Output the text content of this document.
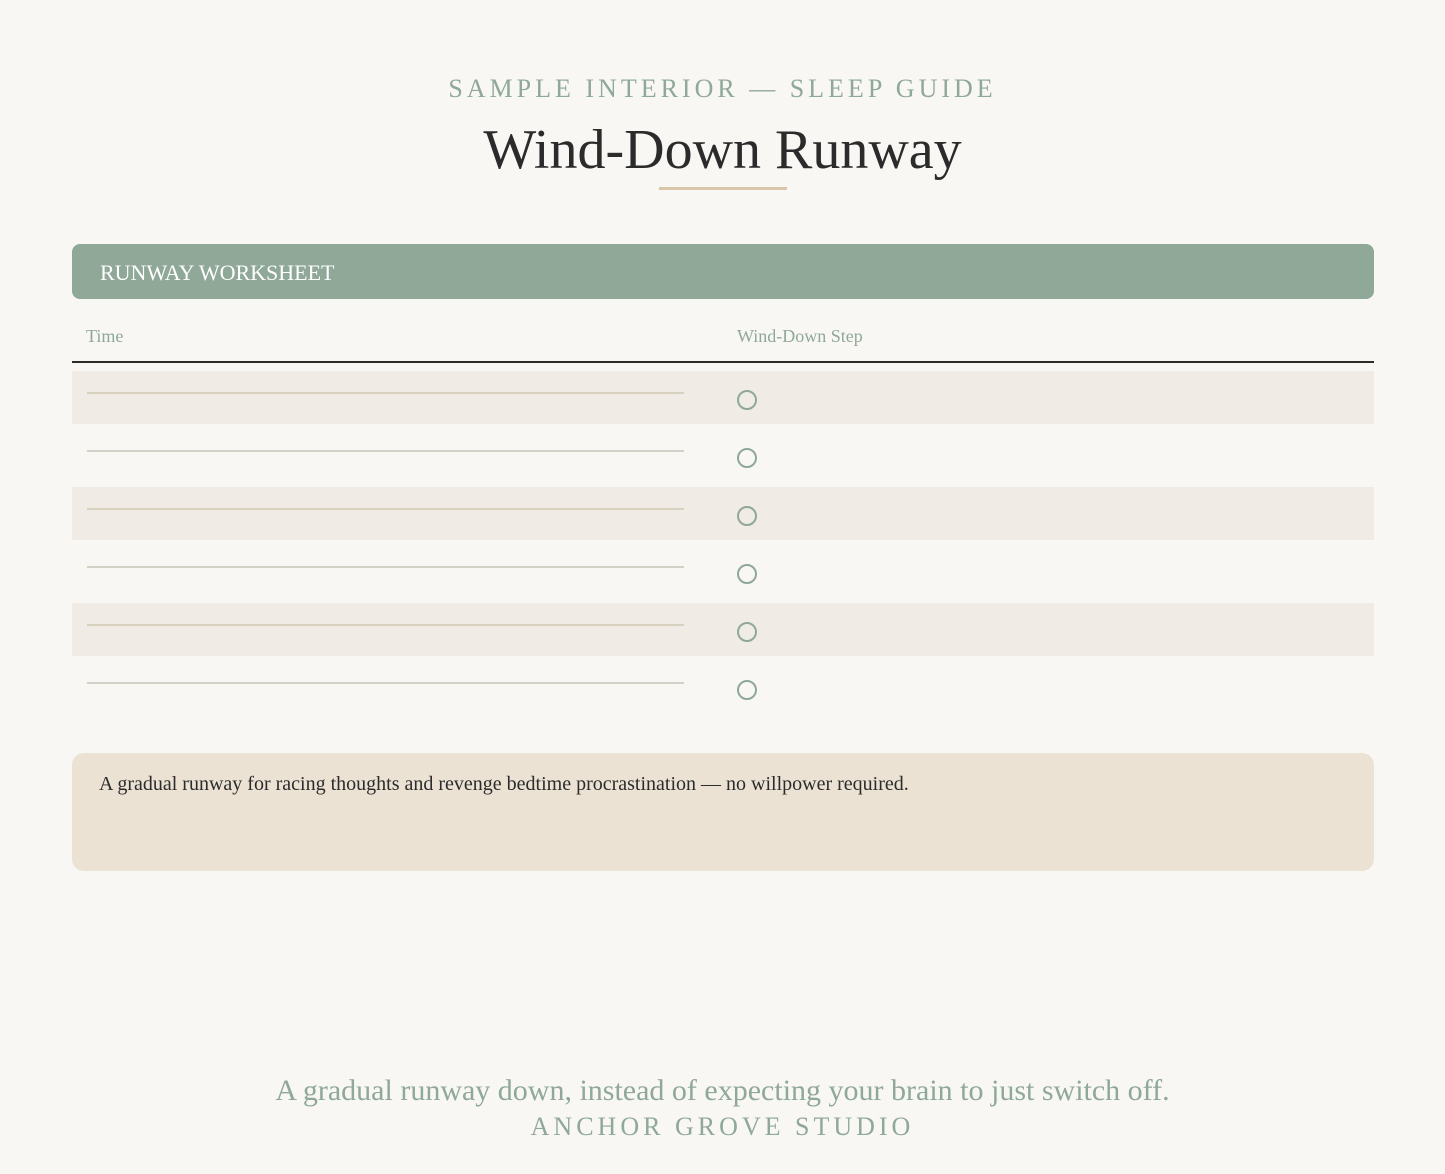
SAMPLE INTERIOR — SLEEP GUIDE
Wind-Down Runway
RUNWAY WORKSHEET
Time	Wind-Down Step
A gradual runway for racing thoughts and revenge bedtime procrastination — no willpower required.
A gradual runway down, instead of expecting your brain to just switch off.
ANCHOR GROVE STUDIO
